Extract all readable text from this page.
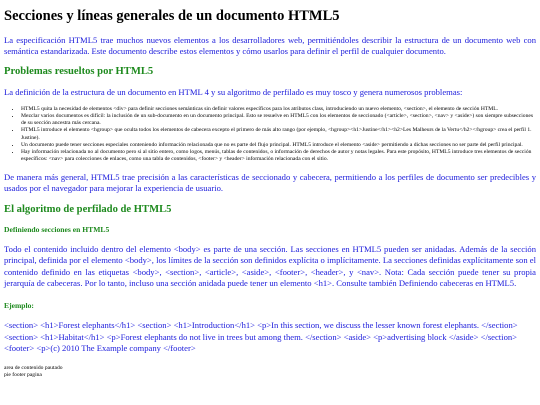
Secciones y líneas generales de un documento HTML5

La especificación HTML5 trae muchos nuevos elementos a los desarrolladores web, permitiéndoles describir la estructura de un documento web con semántica estandarizada. Este documento describe estos elementos y cómo usarlos para definir el perfil de cualquier documento.

Problemas resueltos por HTML5

La definición de la estructura de un documento en HTML 4 y su algoritmo de perfilado es muy tosco y genera numerosos problemas:

• HTML5 quita la necesidad de elementos <div> para definir secciones semánticas sin definir valores específicos para los atributos class, introduciendo un nuevo elemento, <section>, el elemento de sección HTML.
• Mezclar varios documentos es difícil: la inclusión de un sub-documento en un documento principal. Esto se resuelve en HTML5 con los elementos de seccionado (<article>, <section>, <nav> y <aside>) son siempre subsecciones de su sección ancestra más cercana.
• HTML5 introduce el elemento <hgroup> que oculta todos los elementos de cabecera excepto el primero de más alto rango (por ejemplo, <hgroup><h1>Justine</h1><h2>Les Malheurs de la Vertu</h2></hgroup> crea el perfil 1. Justine).
• Un documento puede tener secciones especiales conteniendo información relacionada que no es parte del flujo principal. HTML5 introduce el elemento <aside> permitiendo a dichas secciones no ser parte del perfil principal.
• Hay información relacionada no al documento pero si al sitio entero, como logos, menús, tablas de contenidos, o información de derechos de autor y notas legales. Para este propósito, HTML5 introduce tres elementos de sección específicos: <nav> para colecciones de enlaces, como una tabla de contenidos, <footer> y <header> información relacionada con el sitio.

De manera más general, HTML5 trae precisión a las características de seccionado y cabecera, permitiendo a los perfiles de documento ser predecibles y usados por el navegador para mejorar la experiencia de usuario.

El algoritmo de perfilado de HTML5
Definiendo secciones en HTML5

Todo el contenido incluido dentro del elemento <body> es parte de una sección. Las secciones en HTML5 pueden ser anidadas. Además de la sección principal, definida por el elemento <body>, los límites de la sección son definidos explícita o implícitamente. La secciones definidas explícitamente son el contenido definido en las etiquetas <body>, <section>, <article>, <aside>, <footer>, <header>, y <nav>. Nota: Cada sección puede tener su propia jerarquía de cabeceras. Por lo tanto, incluso una sección anidada puede tener un elemento <h1>. Consulte también Definiendo cabeceras en HTML5.

Ejemplo:

<section> <h1>Forest elephants</h1> <section> <h1>Introduction</h1> <p>In this section, we discuss the lesser known forest elephants. </section> <section> <h1>Habitat</h1> <p>Forest elephants do not live in trees but among them. </section> <aside> <p>advertising block </aside> </section> <footer> <p>(c) 2010 The Example company </footer>

area de contenido pautado
pie footer pagina
